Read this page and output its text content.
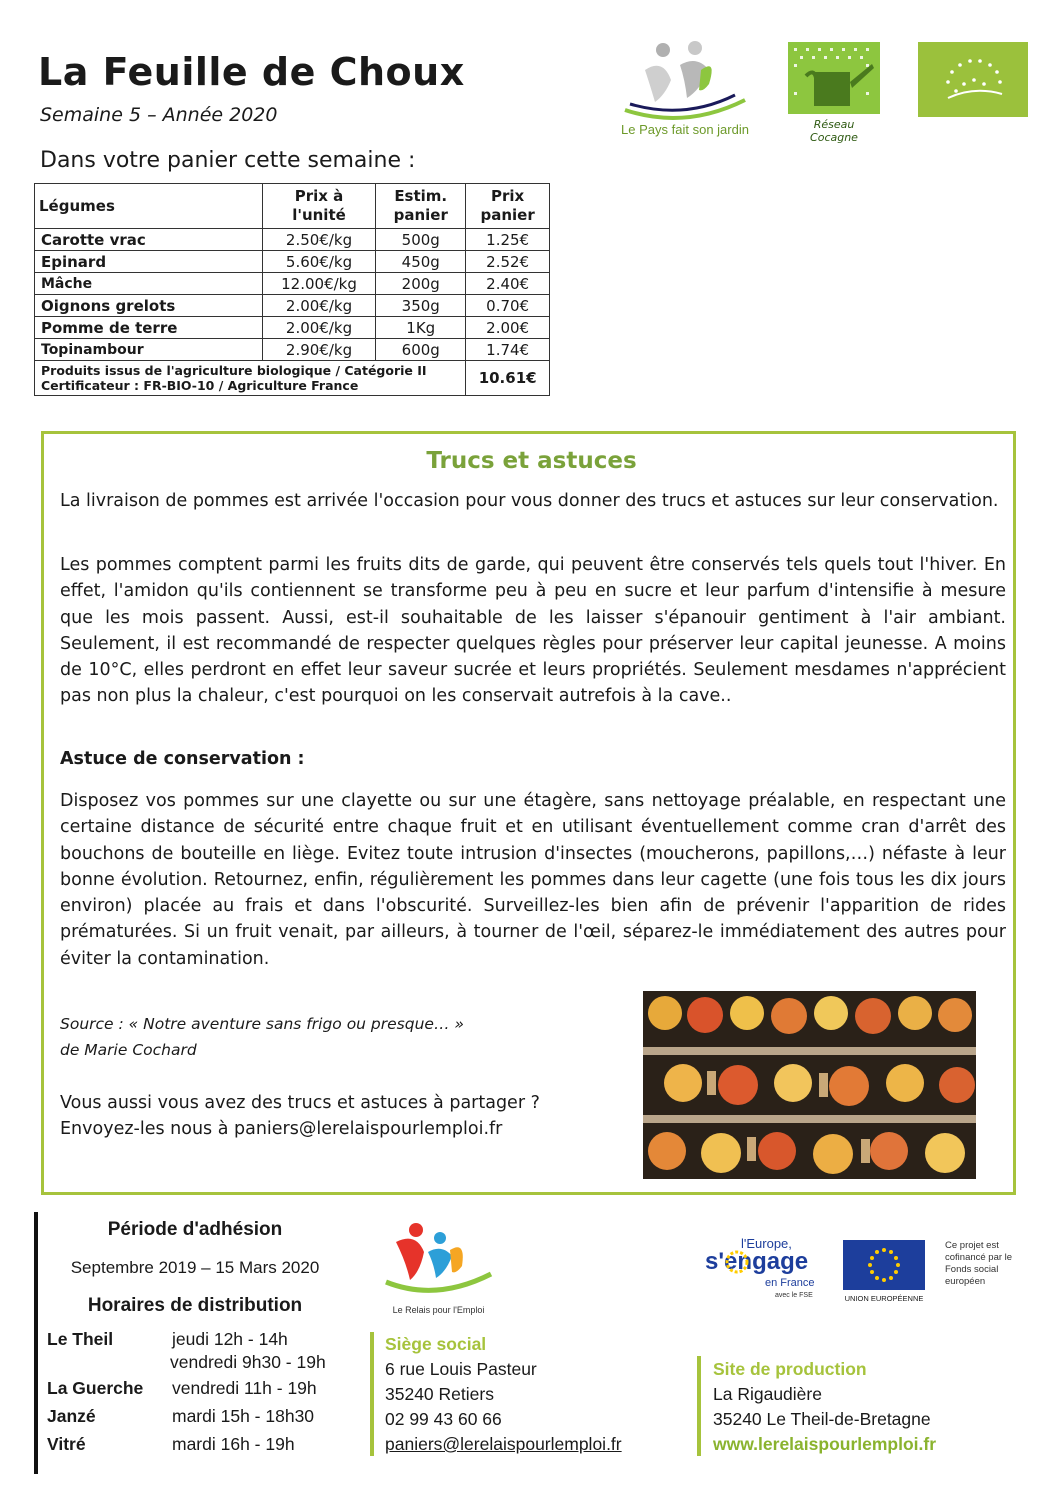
La Feuille de Choux
Semaine 5 – Année 2020
Dans votre panier cette semaine :
Le Pays fait son jardin	Réseau Cocagne
Légumes	Prix à l'unité	Estim. panier	Prix panier
Carotte vrac	2.50€/kg	500g	1.25€
Epinard	5.60€/kg	450g	2.52€
Mâche	12.00€/kg	200g	2.40€
Oignons grelots	2.00€/kg	350g	0.70€
Pomme de terre	2.00€/kg	1Kg	2.00€
Topinambour	2.90€/kg	600g	1.74€

Produits issus de l'agriculture biologique / Catégorie II
Certificateur : FR-BIO-10 / Agriculture France			10.61€
Trucs et astuces
La livraison de pommes est arrivée l'occasion pour vous donner des trucs et astuces sur leur conservation.
Les pommes comptent parmi les fruits dits de garde, qui peuvent être conservés tels quels tout l'hiver. En effet, l'amidon qu'ils contiennent se transforme peu à peu en sucre et leur parfum d'intensifie à mesure que les mois passent. Aussi, est-il souhaitable de les laisser s'épanouir gentiment à l'air ambiant. Seulement, il est recommandé de respecter quelques règles pour préserver leur capital jeunesse. A moins de 10°C, elles perdront en effet leur saveur sucrée et leurs propriétés. Seulement mesdames n'apprécient pas non plus la chaleur, c'est pourquoi on les conservait autrefois à la cave..
Astuce de conservation :
Disposez vos pommes sur une clayette ou sur une étagère, sans nettoyage préalable, en respectant une certaine distance de sécurité entre chaque fruit et en utilisant éventuellement comme cran d'arrêt des bouchons de bouteille en liège. Evitez toute intrusion d'insectes (moucherons, papillons,…) néfaste à leur bonne évolution. Retournez, enfin, régulièrement les pommes dans leur cagette (une fois tous les dix jours environ) placée au frais et dans l'obscurité. Surveillez-les bien afin de prévenir l'apparition de rides prématurées. Si un fruit venait, par ailleurs, à tourner de l'œil, séparez-le immédiatement des autres pour éviter la contamination.
Source : « Notre aventure sans frigo ou presque… »
de Marie Cochard
Vous aussi vous avez des trucs et astuces à partager ?
Envoyez-les nous à paniers@lerelaispourlemploi.fr
Période d'adhésion
Septembre 2019 – 15 Mars 2020
Horaires de distribution
Le Theil	jeudi 12h - 14h
vendredi 9h30 - 19h
La Guerche vendredi 11h - 19h
Janzé	mardi 15h - 18h30
Vitré	mardi 16h - 19h
Le Relais pour l'Emploi
Siège social
6 rue Louis Pasteur
35240 Retiers
02 99 43 60 66
paniers@lerelaispourlemploi.fr
l'Europe,
s'engage
en France
avec le FSE	UNION EUROPÉENNE
Ce projet est cofinancé par le Fonds social européen
Site de production
La Rigaudière
35240 Le Theil-de-Bretagne
www.lerelaispourlemploi.fr
